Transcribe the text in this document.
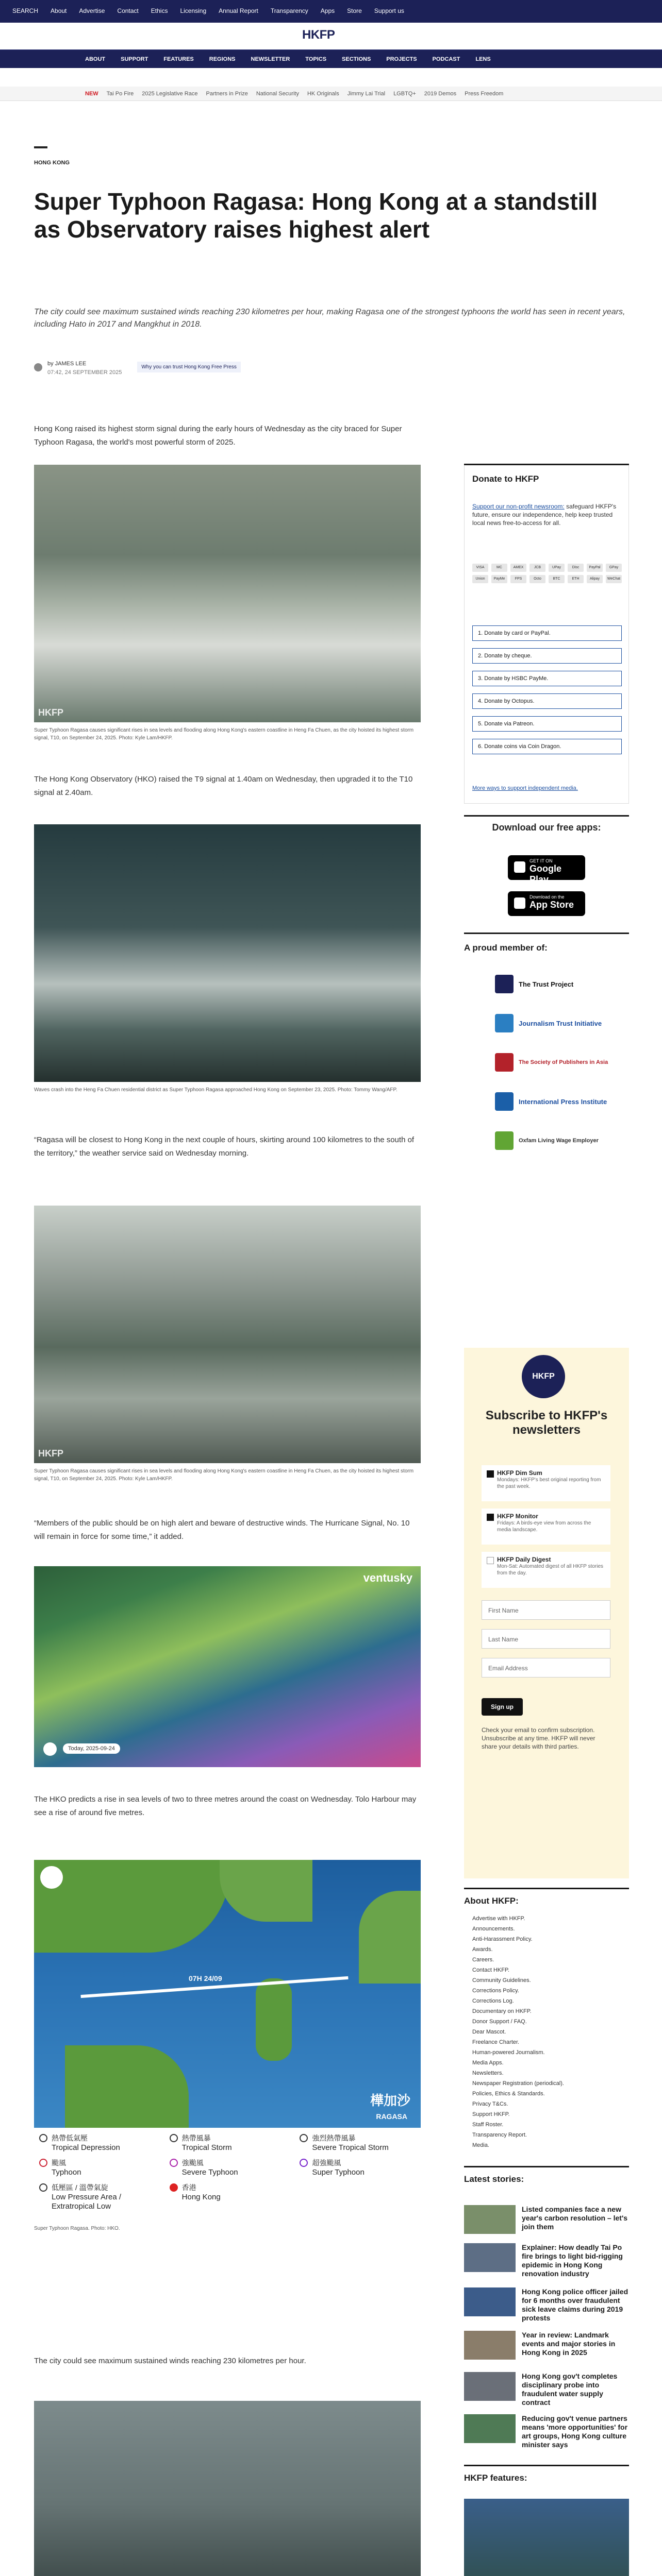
SEARCH About Advertise Contact Ethics Licensing Annual Report Transparency Apps Store Support us
HKFP	HONG KONG
FREE PRESS	SUPPORT HKFP	中文HK Sign in
ABOUT	SUPPORT	FEATURES	REGIONS	NEWSLETTER	TOPICS	SECTIONS	PROJECTS	PODCAST	LENS
NEW Tai Po Fire 2025 Legislative Race Partners in Prize National Security HK Originals Jimmy Lai Trial LGBTQ+ 2019 Demos Press Freedom
HONG KONG
Super Typhoon Ragasa: Hong Kong at a standstill as Observatory raises highest alert

The city could see maximum sustained winds reaching 230 kilometres per hour, making Ragasa one of the strongest typhoons the world has seen in recent years, including Hato in 2017 and Mangkhut in 2018.

by JAMES LEE
07:42, 24 SEPTEMBER 2025
Why you can trust Hong Kong Free Press

Hong Kong raised its highest storm signal during the early hours of Wednesday as the city braced for Super Typhoon Ragasa, the world's most powerful storm of 2025.

HKFP

Super Typhoon Ragasa causes significant rises in sea levels and flooding along Hong Kong's eastern coastline in Heng Fa Chuen, as the city hoisted its highest storm signal, T10, on September 24, 2025. Photo: Kyle Lam/HKFP.

The Hong Kong Observatory (HKO) raised the T9 signal at 1.40am on Wednesday, then upgraded it to the T10 signal at 2.40am.

Waves crash into the Heng Fa Chuen residential district as Super Typhoon Ragasa approached Hong Kong on September 23, 2025. Photo: Tommy Wang/AFP.

“Ragasa will be closest to Hong Kong in the next couple of hours, skirting around 100 kilometres to the south of the territory,” the weather service said on Wednesday morning.

HKFP

Super Typhoon Ragasa causes significant rises in sea levels and flooding along Hong Kong's eastern coastline in Heng Fa Chuen, as the city hoisted its highest storm signal, T10, on September 24, 2025. Photo: Kyle Lam/HKFP.

“Members of the public should be on high alert and beware of destructive winds. The Hurricane Signal, No. 10 will remain in force for some time,” it added.

ventusky
Today, 2025-09-24

The HKO predicts a rise in sea levels of two to three metres around the coast on Wednesday. Tolo Harbour may see a rise of around five metres.

07H 24/09
樺加沙
RAGASA
熱帶低氣壓
Tropical Depression
熱帶風暴
Tropical Storm
強烈熱帶風暴
Severe Tropical Storm
颱風
Typhoon
強颱風
Severe Typhoon
超強颱風
Super Typhoon
低壓區 / 溫帶氣旋
Low Pressure Area / Extratropical Low
香港
Hong Kong

Super Typhoon Ragasa. Photo: HKO.

The city could see maximum sustained winds reaching 230 kilometres per hour.

Donate to HKFP
Support our non-profit newsroom: safeguard HKFP's future, ensure our independence, help keep trusted local news free-to-access for all.
VISA	MC	AMEX	JCB	UPay	Disc	PayPal	GPay
Union	PayMe	FPS	Octo	BTC	ETH	Alipay	WeChat
1. Donate by card or PayPal.
2. Donate by cheque.
3. Donate by HSBC PayMe.
4. Donate by Octopus.
5. Donate via Patreon.
6. Donate coins via Coin Dragon.
More ways to support independent media.
Download our free apps:
GET IT ON
Google Play
Download on the
App Store
A proud member of:
The Trust Project
Journalism Trust Initiative
The Society of Publishers in Asia
International Press Institute
Oxfam Living Wage Employer
HKFP
Subscribe to HKFP's newsletters
HKFP Dim Sum
Mondays: HKFP's best original reporting from the past week.
HKFP Monitor
Fridays: A birds-eye view from across the media landscape.
HKFP Daily Digest
Mon-Sat: Automated digest of all HKFP stories from the day.
First Name
Last Name
Email Address
Sign up
Check your email to confirm subscription. Unsubscribe at any time. HKFP will never share your details with third parties.
About HKFP:
Advertise with HKFP.
Announcements.
Anti-Harassment Policy.
Awards.
Careers.
Contact HKFP.
Community Guidelines.
Corrections Policy.
Corrections Log.
Documentary on HKFP.
Donor Support / FAQ.
Dear Mascot.
Freelance Charter.
Human-powered Journalism.
Media Apps.
Newsletters.
Newspaper Registration (periodical).
Policies, Ethics & Standards.
Privacy T&Cs.
Support HKFP.
Staff Roster.
Transparency Report.
Media.
Latest stories:
Listed companies face a new year's carbon resolution – let's join them
Explainer: How deadly Tai Po fire brings to light bid-rigging epidemic in Hong Kong renovation industry
Hong Kong police officer jailed for 6 months over fraudulent sick leave claims during 2019 protests
Year in review: Landmark events and major stories in Hong Kong in 2025
Hong Kong gov't completes disciplinary probe into fraudulent water supply contract
Reducing gov't venue partners means 'more opportunities' for art groups, Hong Kong culture minister says
HKFP features:
